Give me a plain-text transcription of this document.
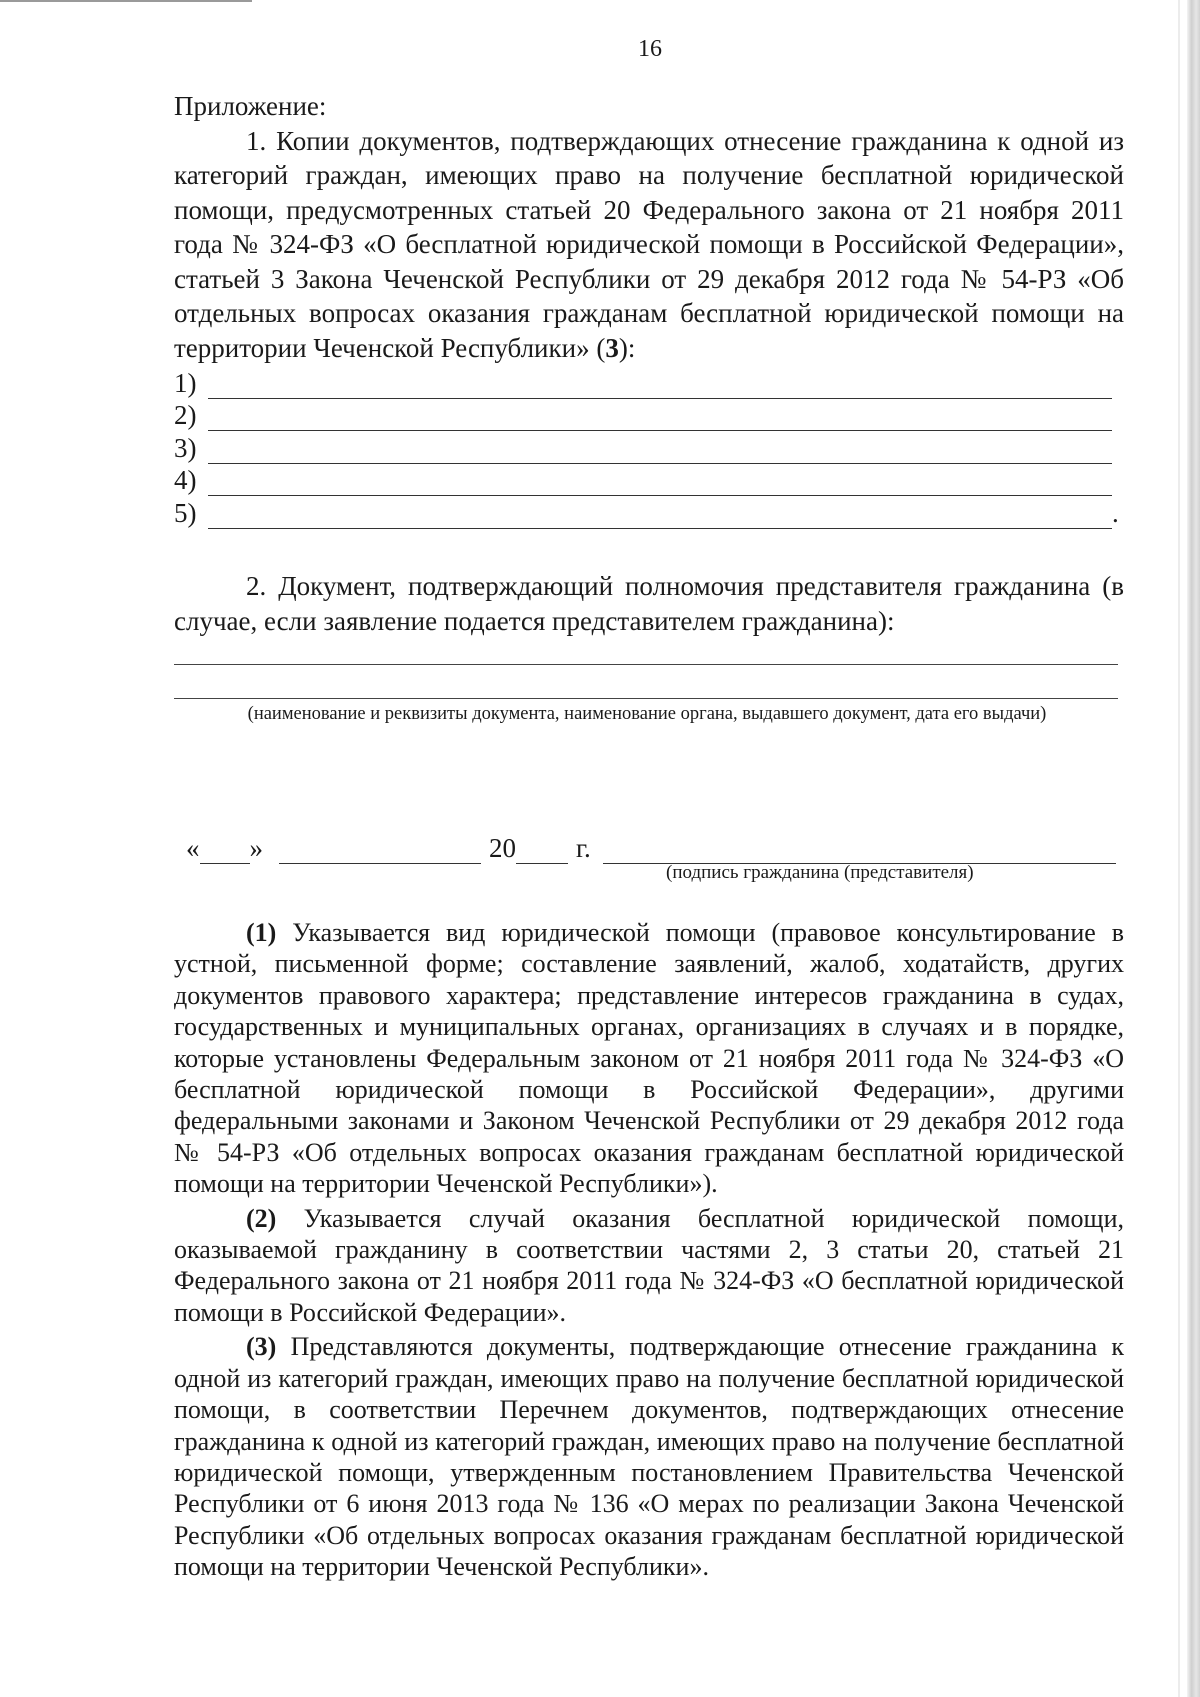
16

Приложение:

1. Копии документов, подтверждающих отнесение гражданина к одной из категорий граждан, имеющих право на получение бесплатной юридической помощи, предусмотренных статьей 20 Федерального закона от 21 ноября 2011 года № 324-ФЗ «О бесплатной юридической помощи в Российской Федерации», статьей 3 Закона Чеченской Республики от 29 декабря 2012 года № 54-РЗ «Об отдельных вопросах оказания гражданам бесплатной юридической помощи на территории Чеченской Республики» (3):

1)
2)
3)
4)
5)	.

2. Документ, подтверждающий полномочия представителя гражданина (в случае, если заявление подается представителем гражданина):

(наименование и реквизиты документа, наименование органа, выдавшего документ, дата его выдачи)
« »	20 г.
(подпись гражданина (представителя)

(1) Указывается вид юридической помощи (правовое консультирование в устной, письменной форме; составление заявлений, жалоб, ходатайств, других документов правового характера; представление интересов гражданина в судах, государственных и муниципальных органах, организациях в случаях и в порядке, которые установлены Федеральным законом от 21 ноября 2011 года № 324-ФЗ «О бесплатной юридической помощи в Российской Федерации», другими федеральными законами и Законом Чеченской Республики от 29 декабря 2012 года № 54-РЗ «Об отдельных вопросах оказания гражданам бесплатной юридической помощи на территории Чеченской Республики»).

(2) Указывается случай оказания бесплатной юридической помощи, оказываемой гражданину в соответствии частями 2, 3 статьи 20, статьей 21 Федерального закона от 21 ноября 2011 года № 324-ФЗ «О бесплатной юридической помощи в Российской Федерации».

(3) Представляются документы, подтверждающие отнесение гражданина к одной из категорий граждан, имеющих право на получение бесплатной юридической помощи, в соответствии Перечнем документов, подтверждающих отнесение гражданина к одной из категорий граждан, имеющих право на получение бесплатной юридической помощи, утвержденным постановлением Правительства Чеченской Республики от 6 июня 2013 года № 136 «О мерах по реализации Закона Чеченской Республики «Об отдельных вопросах оказания гражданам бесплатной юридической помощи на территории Чеченской Республики».
